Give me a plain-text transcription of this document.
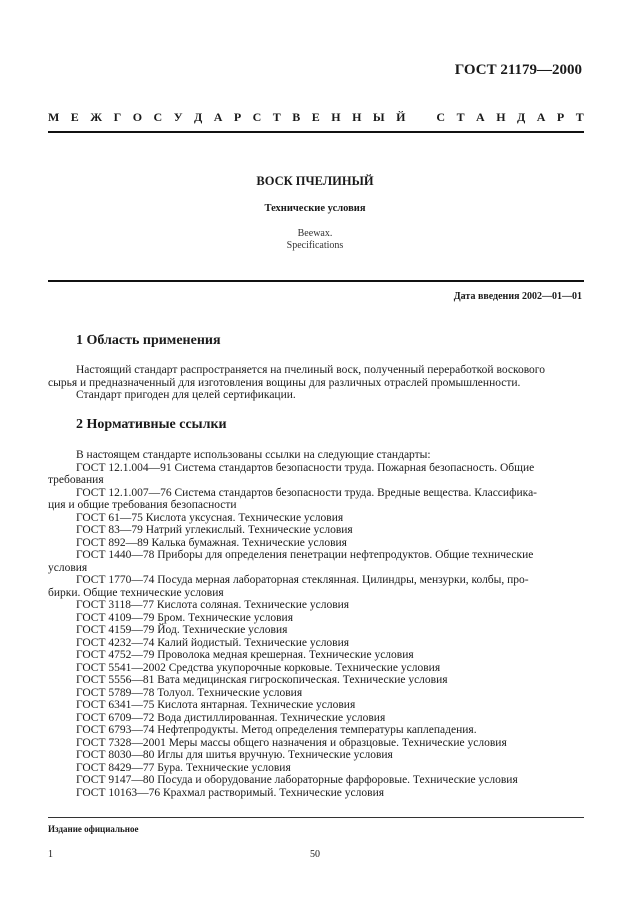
ГОСТ 21179—2000
М Е Ж Г О С У Д А Р С Т В Е Н Н Ы Й	С Т А Н Д А Р Т
ВОСК ПЧЕЛИНЫЙ
Технические условия
Beewax.
Specifications
Дата введения 2002—01—01
1 Область применения
Настоящий стандарт распространяется на пчелиный воск, полученный переработкой воскового
сырья и предназначенный для изготовления вощины для различных отраслей промышленности.
Стандарт пригоден для целей сертификации.
2 Нормативные ссылки
В настоящем стандарте использованы ссылки на следующие стандарты:
ГОСТ 12.1.004—91 Система стандартов безопасности труда. Пожарная безопасность. Общие
требования
ГОСТ 12.1.007—76 Система стандартов безопасности труда. Вредные вещества. Классифика-
ция и общие требования безопасности
ГОСТ 61—75 Кислота уксусная. Технические условия
ГОСТ 83—79 Натрий углекислый. Технические условия
ГОСТ 892—89 Калька бумажная. Технические условия
ГОСТ 1440—78 Приборы для определения пенетрации нефтепродуктов. Общие технические
условия
ГОСТ 1770—74 Посуда мерная лабораторная стеклянная. Цилиндры, мензурки, колбы, про-
бирки. Общие технические условия
ГОСТ 3118—77 Кислота соляная. Технические условия
ГОСТ 4109—79 Бром. Технические условия
ГОСТ 4159—79 Йод. Технические условия
ГОСТ 4232—74 Калий йодистый. Технические условия
ГОСТ 4752—79 Проволока медная крешерная. Технические условия
ГОСТ 5541—2002 Средства укупорочные корковые. Технические условия
ГОСТ 5556—81 Вата медицинская гигроскопическая. Технические условия
ГОСТ 5789—78 Толуол. Технические условия
ГОСТ 6341—75 Кислота янтарная. Технические условия
ГОСТ 6709—72 Вода дистиллированная. Технические условия
ГОСТ 6793—74 Нефтепродукты. Метод определения температуры каплепадения.
ГОСТ 7328—2001 Меры массы общего назначения и образцовые. Технические условия
ГОСТ 8030—80 Иглы для шитья вручную. Технические условия
ГОСТ 8429—77 Бура. Технические условия
ГОСТ 9147—80 Посуда и оборудование лабораторные фарфоровые. Технические условия
ГОСТ 10163—76 Крахмал растворимый. Технические условия
Издание официальное
1	50
